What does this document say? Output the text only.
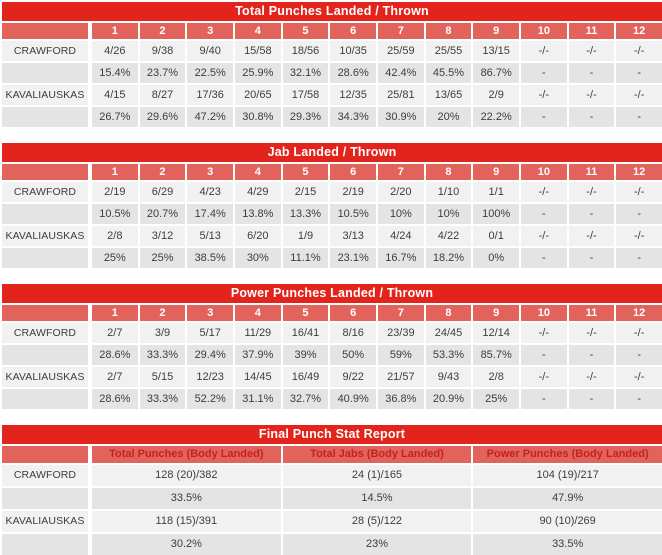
Total Punches Landed / Thrown
1	2	3	4	5	6	7	8	9	10	11	12
CRAWFORD	4/26	9/38	9/40	15/58	18/56	10/35	25/59	25/55	13/15	-/-	-/-	-/-
15.4%	23.7%	22.5%	25.9%	32.1%	28.6%	42.4%	45.5%	86.7%	-	-	-
KAVALIAUSKAS	4/15	8/27	17/36	20/65	17/58	12/35	25/81	13/65	2/9	-/-	-/-	-/-
26.7%	29.6%	47.2%	30.8%	29.3%	34.3%	30.9%	20%	22.2%	-	-	-
Jab Landed / Thrown
1	2	3	4	5	6	7	8	9	10	11	12
CRAWFORD	2/19	6/29	4/23	4/29	2/15	2/19	2/20	1/10	1/1	-/-	-/-	-/-
10.5%	20.7%	17.4%	13.8%	13.3%	10.5%	10%	10%	100%	-	-	-
KAVALIAUSKAS	2/8	3/12	5/13	6/20	1/9	3/13	4/24	4/22	0/1	-/-	-/-	-/-
25%	25%	38.5%	30%	11.1%	23.1%	16.7%	18.2%	0%	-	-	-
Power Punches Landed / Thrown
1	2	3	4	5	6	7	8	9	10	11	12
CRAWFORD	2/7	3/9	5/17	11/29	16/41	8/16	23/39	24/45	12/14	-/-	-/-	-/-
28.6%	33.3%	29.4%	37.9%	39%	50%	59%	53.3%	85.7%	-	-	-
KAVALIAUSKAS	2/7	5/15	12/23	14/45	16/49	9/22	21/57	9/43	2/8	-/-	-/-	-/-
28.6%	33.3%	52.2%	31.1%	32.7%	40.9%	36.8%	20.9%	25%	-	-	-
Final Punch Stat Report
Total Punches (Body Landed)	Total Jabs (Body Landed)	Power Punches (Body Landed)
CRAWFORD	128 (20)/382	24 (1)/165	104 (19)/217
33.5%	14.5%	47.9%
KAVALIAUSKAS	118 (15)/391	28 (5)/122	90 (10)/269
30.2%	23%	33.5%
